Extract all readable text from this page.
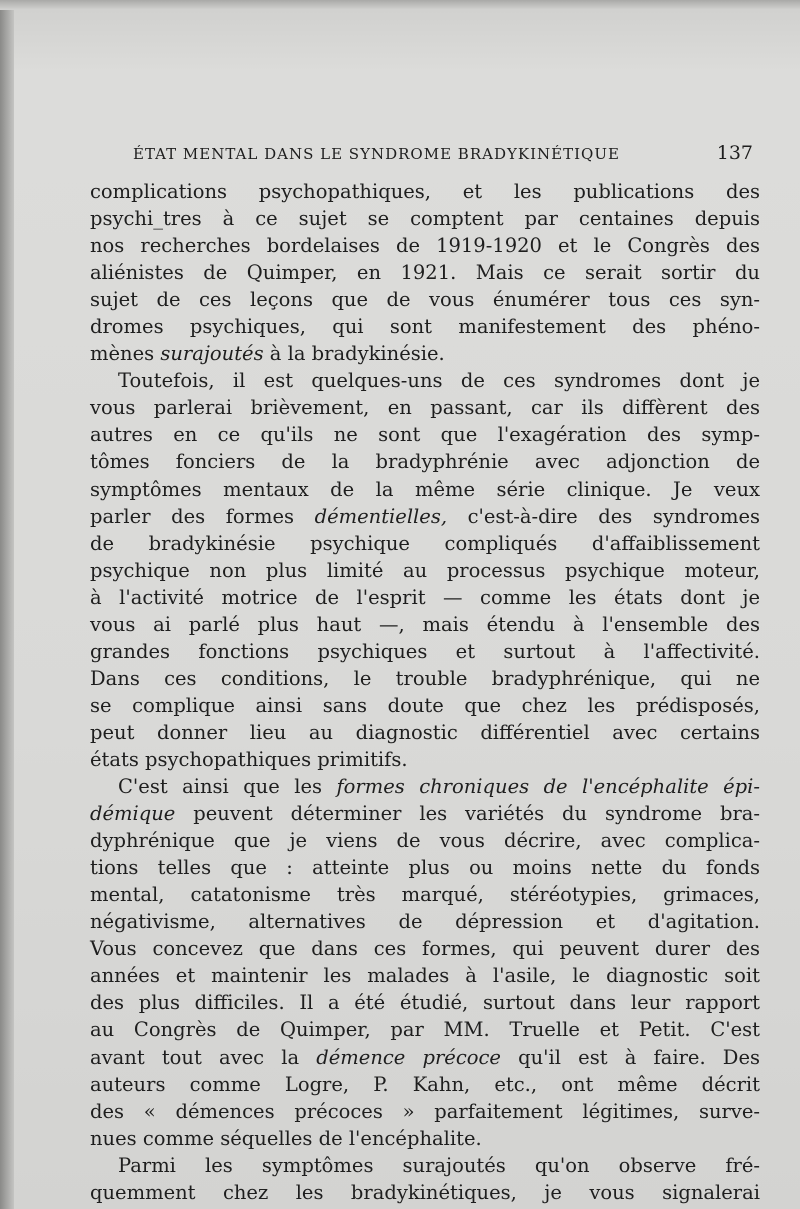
ÉTAT MENTAL DANS LE SYNDROME BRADYKINÉTIQUE	137
complications psychopathiques, et les publications des
psychi_tres à ce sujet se comptent par centaines depuis
nos recherches bordelaises de 1919-1920 et le Congrès des
aliénistes de Quimper, en 1921. Mais ce serait sortir du
sujet de ces leçons que de vous énumérer tous ces syn-
dromes psychiques, qui sont manifestement des phéno-
mènes surajoutés à la bradykinésie.
Toutefois, il est quelques-uns de ces syndromes dont je
vous parlerai brièvement, en passant, car ils diffèrent des
autres en ce qu'ils ne sont que l'exagération des symp-
tômes fonciers de la bradyphrénie avec adjonction de
symptômes mentaux de la même série clinique. Je veux
parler des formes démentielles, c'est-à-dire des syndromes
de bradykinésie psychique compliqués d'affaiblissement
psychique non plus limité au processus psychique moteur,
à l'activité motrice de l'esprit — comme les états dont je
vous ai parlé plus haut —, mais étendu à l'ensemble des
grandes fonctions psychiques et surtout à l'affectivité.
Dans ces conditions, le trouble bradyphrénique, qui ne
se complique ainsi sans doute que chez les prédisposés,
peut donner lieu au diagnostic différentiel avec certains
états psychopathiques primitifs.
C'est ainsi que les formes chroniques de l'encéphalite épi-
démique peuvent déterminer les variétés du syndrome bra-
dyphrénique que je viens de vous décrire, avec complica-
tions telles que : atteinte plus ou moins nette du fonds
mental, catatonisme très marqué, stéréotypies, grimaces,
négativisme, alternatives de dépression et d'agitation.
Vous concevez que dans ces formes, qui peuvent durer des
années et maintenir les malades à l'asile, le diagnostic soit
des plus difficiles. Il a été étudié, surtout dans leur rapport
au Congrès de Quimper, par MM. Truelle et Petit. C'est
avant tout avec la démence précoce qu'il est à faire. Des
auteurs comme Logre, P. Kahn, etc., ont même décrit
des « démences précoces » parfaitement légitimes, surve-
nues comme séquelles de l'encéphalite.
Parmi les symptômes surajoutés qu'on observe fré-
quemment chez les bradykinétiques, je vous signalerai
